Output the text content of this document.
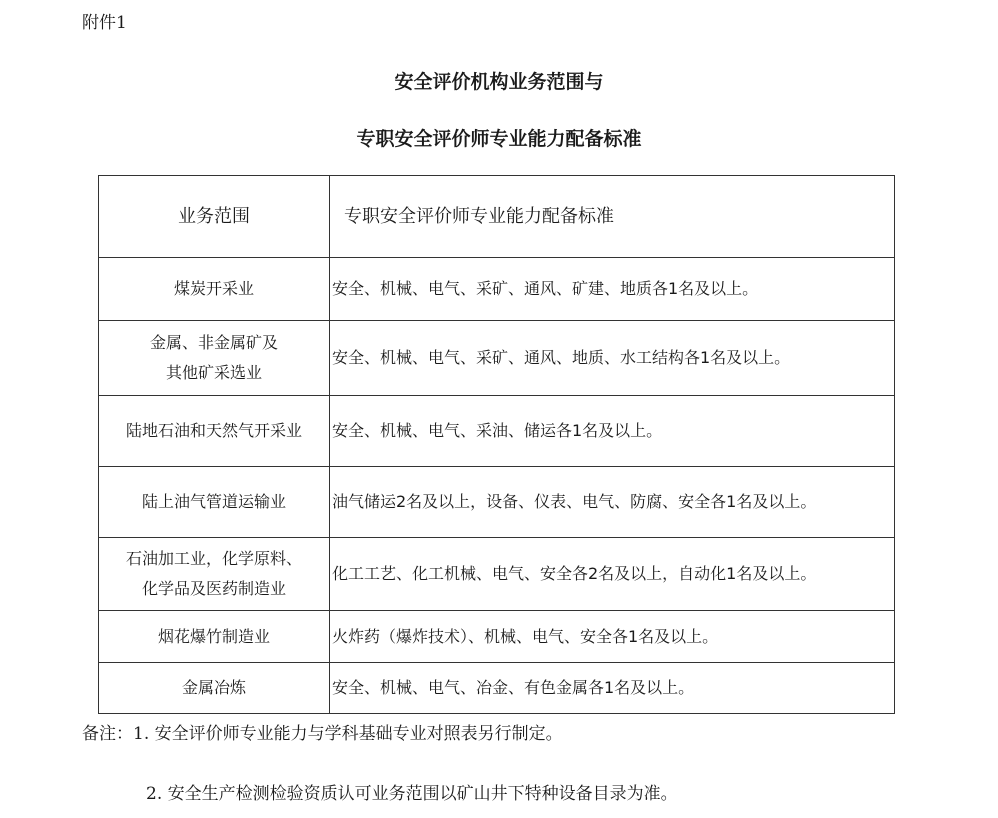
附件1
安全评价机构业务范围与
专职安全评价师专业能力配备标准
业务范围	专职安全评价师专业能力配备标准

煤炭开采业	安全、机械、电气、采矿、通风、矿建、地质各1名及以上。

金属、非金属矿及
其他矿采选业	安全、机械、电气、采矿、通风、地质、水工结构各1名及以上。

陆地石油和天然气开采业	安全、机械、电气、采油、储运各1名及以上。

陆上油气管道运输业	油气储运2名及以上，设备、仪表、电气、防腐、安全各1名及以上。

石油加工业，化学原料、
化学品及医药制造业	化工工艺、化工机械、电气、安全各2名及以上，自动化1名及以上。

烟花爆竹制造业	火炸药（爆炸技术）、机械、电气、安全各1名及以上。

金属冶炼	安全、机械、电气、冶金、有色金属各1名及以上。
备注：1. 安全评价师专业能力与学科基础专业对照表另行制定。
2. 安全生产检测检验资质认可业务范围以矿山井下特种设备目录为准。
